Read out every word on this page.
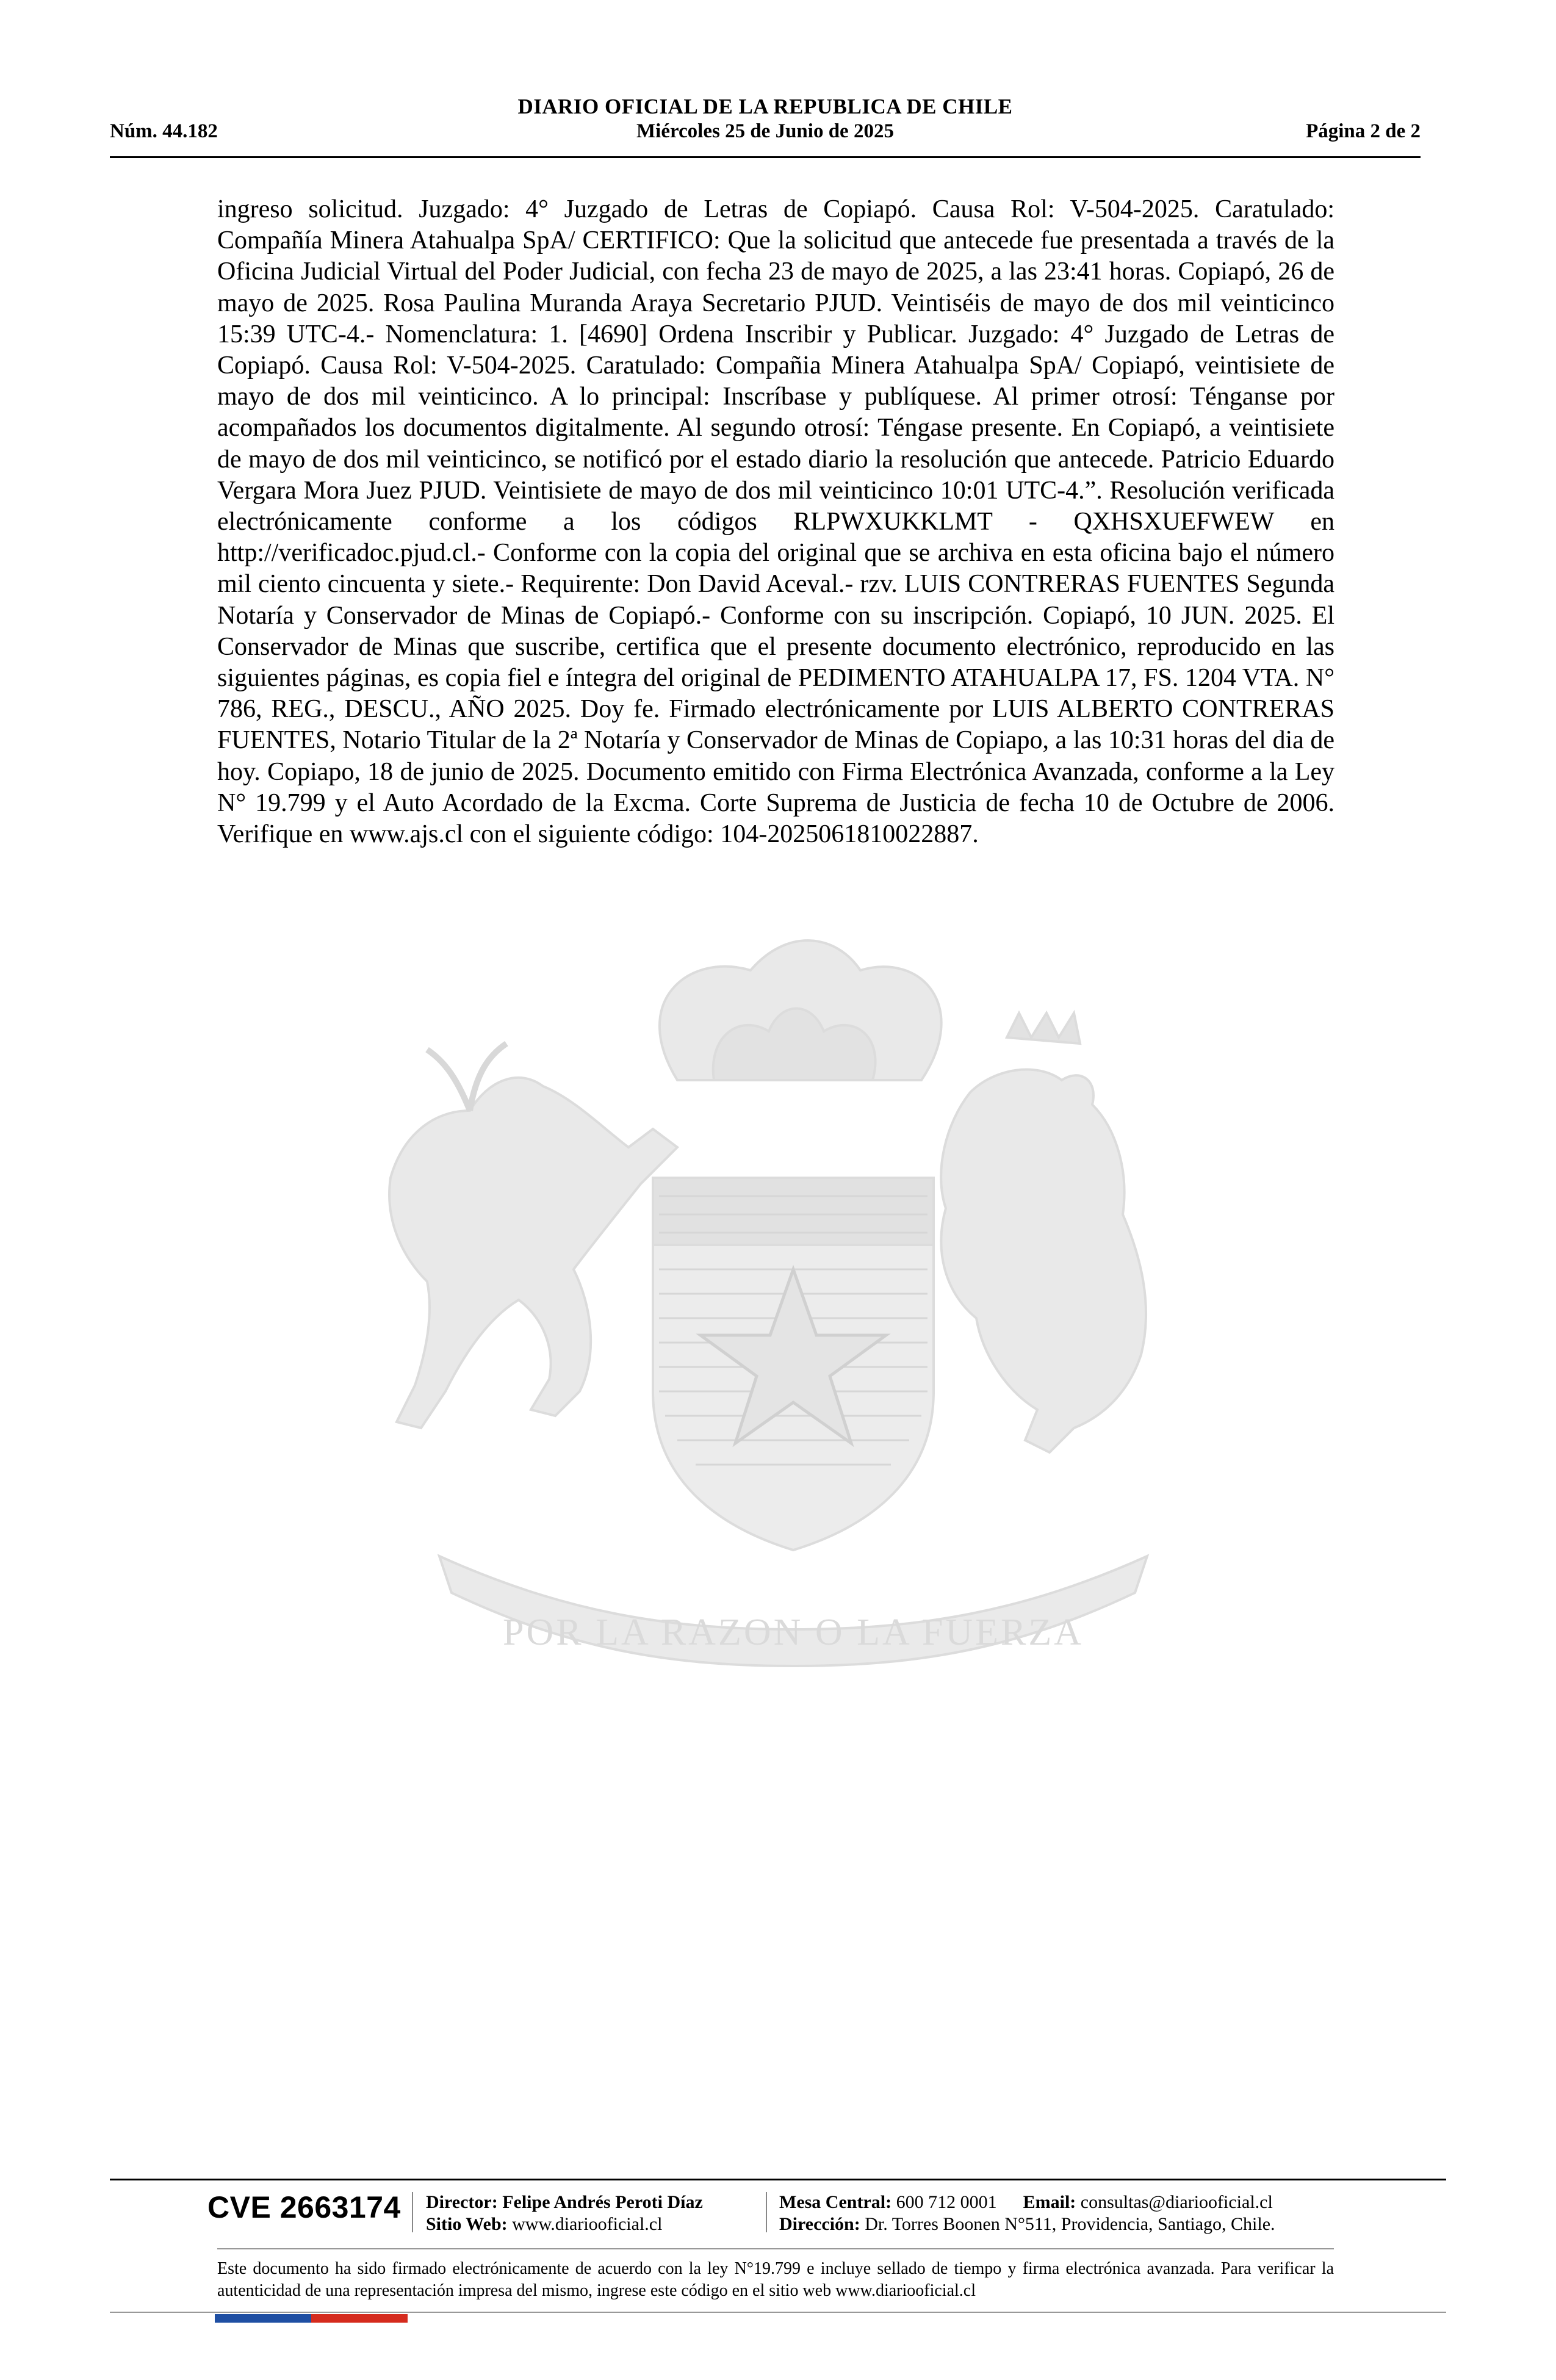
DIARIO OFICIAL DE LA REPUBLICA DE CHILE
Núm. 44.182	Miércoles 25 de Junio de 2025	Página 2 de 2
POR LA RAZON O LA FUERZA
ingreso solicitud. Juzgado: 4° Juzgado de Letras de Copiapó. Causa Rol: V-504-2025. Caratulado: Compañía Minera Atahualpa SpA/ CERTIFICO: Que la solicitud que antecede fue presentada a través de la Oficina Judicial Virtual del Poder Judicial, con fecha 23 de mayo de 2025, a las 23:41 horas. Copiapó, 26 de mayo de 2025. Rosa Paulina Muranda Araya Secretario PJUD. Veintiséis de mayo de dos mil veinticinco 15:39 UTC-4.- Nomenclatura: 1. [4690] Ordena Inscribir y Publicar. Juzgado: 4° Juzgado de Letras de Copiapó. Causa Rol: V-504-2025. Caratulado: Compañia Minera Atahualpa SpA/ Copiapó, veintisiete de mayo de dos mil veinticinco. A lo principal: Inscríbase y publíquese. Al primer otrosí: Ténganse por acompañados los documentos digitalmente. Al segundo otrosí: Téngase presente. En Copiapó, a veintisiete de mayo de dos mil veinticinco, se notificó por el estado diario la resolución que antecede. Patricio Eduardo Vergara Mora Juez PJUD. Veintisiete de mayo de dos mil veinticinco 10:01 UTC-4.”. Resolución verificada electrónicamente conforme a los códigos RLPWXUKKLMT - QXHSXUEFWEW en http://verificadoc.pjud.cl.- Conforme con la copia del original que se archiva en esta oficina bajo el número mil ciento cincuenta y siete.- Requirente: Don David Aceval.- rzv. LUIS CONTRERAS FUENTES Segunda Notaría y Conservador de Minas de Copiapó.- Conforme con su inscripción. Copiapó, 10 JUN. 2025. El Conservador de Minas que suscribe, certifica que el presente documento electrónico, reproducido en las siguientes páginas, es copia fiel e íntegra del original de PEDIMENTO ATAHUALPA 17, FS. 1204 VTA. N° 786, REG., DESCU., AÑO 2025. Doy fe. Firmado electrónicamente por LUIS ALBERTO CONTRERAS FUENTES, Notario Titular de la 2ª Notaría y Conservador de Minas de Copiapo, a las 10:31 horas del dia de hoy. Copiapo, 18 de junio de 2025. Documento emitido con Firma Electrónica Avanzada, conforme a la Ley N° 19.799 y el Auto Acordado de la Excma. Corte Suprema de Justicia de fecha 10 de Octubre de 2006. Verifique en www.ajs.cl con el siguiente código: 104-2025061810022887.
CVE 2663174 Director: Felipe Andrés Peroti Díaz
Sitio Web: www.diariooficial.cl
Mesa Central: 600 712 0001 Email: consultas@diariooficial.cl
Dirección: Dr. Torres Boonen N°511, Providencia, Santiago, Chile.
Este documento ha sido firmado electrónicamente de acuerdo con la ley N°19.799 e incluye sellado de tiempo y firma electrónica avanzada. Para verificar la autenticidad de una representación impresa del mismo, ingrese este código en el sitio web www.diariooficial.cl
